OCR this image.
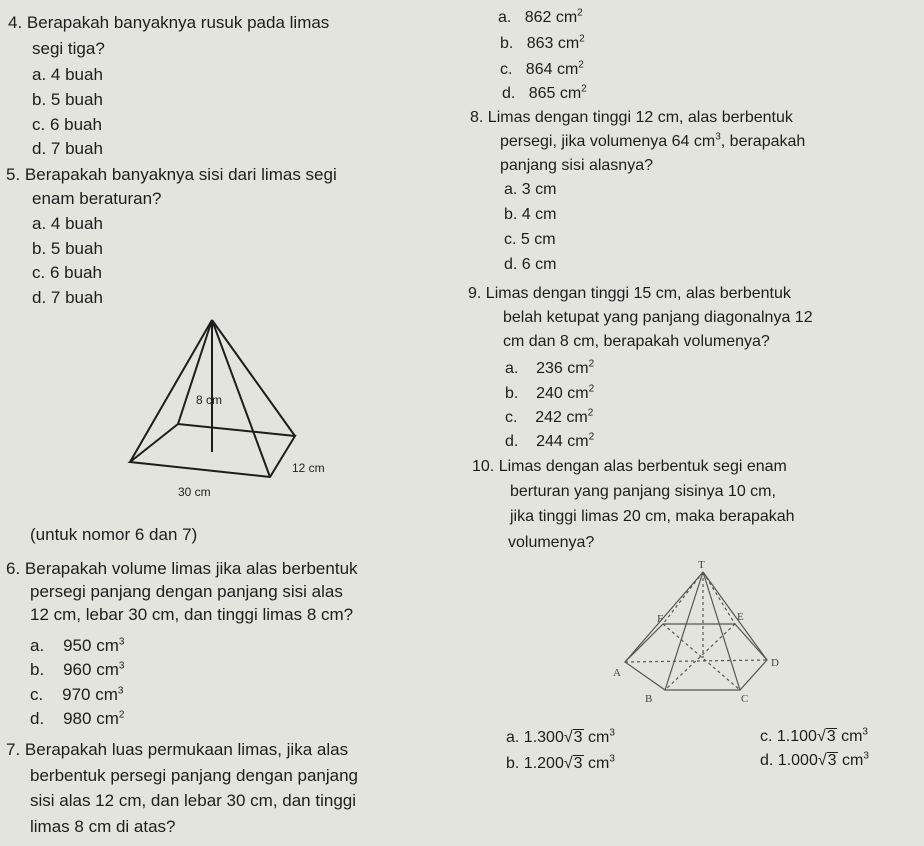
4. Berapakah banyaknya rusuk pada limas
segi tiga?
a. 4 buah
b. 5 buah
c. 6 buah
d. 7 buah
a. 862 $cm^2$
b. 863 $cm^2$
c. 864 $cm^2$
d. 865 $cm^2$
5. Berapakah banyaknya sisi dari limas segi
enam beraturan?
a. 4 buah
b. 5 buah
c. 6 buah
d. 7 buah
8 cm
12 cm
30 cm
(untuk nomor 6 dan 7)
6. Berapakah volume limas jika alas berbentuk
persegi panjang dengan panjang sisi alas
12 cm, lebar 30 cm, dan tinggi limas 8 cm?
a. 950 $cm^3$
b. 960 $cm^3$
c. 970 $cm^3$
d. 980 $cm^2$
7. Berapakah luas permukaan limas, jika alas
berbentuk persegi panjang dengan panjang
sisi alas 12 cm, dan lebar 30 cm, dan tinggi
limas 8 cm di atas?
8. Limas dengan tinggi 12 cm, alas berbentuk
persegi, jika volumenya 64 $cm^3$, berapakah
panjang sisi alasnya?
a. 3 cm
b. 4 cm
c. 5 cm
d. 6 cm
9. Limas dengan tinggi 15 cm, alas berbentuk
belah ketupat yang panjang diagonalnya 12
cm dan 8 cm, berapakah volumenya?
a. 236 $cm^2$
b. 240 $cm^2$
c. 242 $cm^2$
d. 244 $cm^2$
10. Limas dengan alas berbentuk segi enam
berturan yang panjang sisinya 10 cm,
jika tinggi limas 20 cm, maka berapakah
volumenya?
T
F	E
A
D
B	C
a. 1.300√3 $cm^3$
b. 1.200√3 $cm^3$
c. 1.100√3 $cm^3$
d. 1.000√3 $cm^3$
